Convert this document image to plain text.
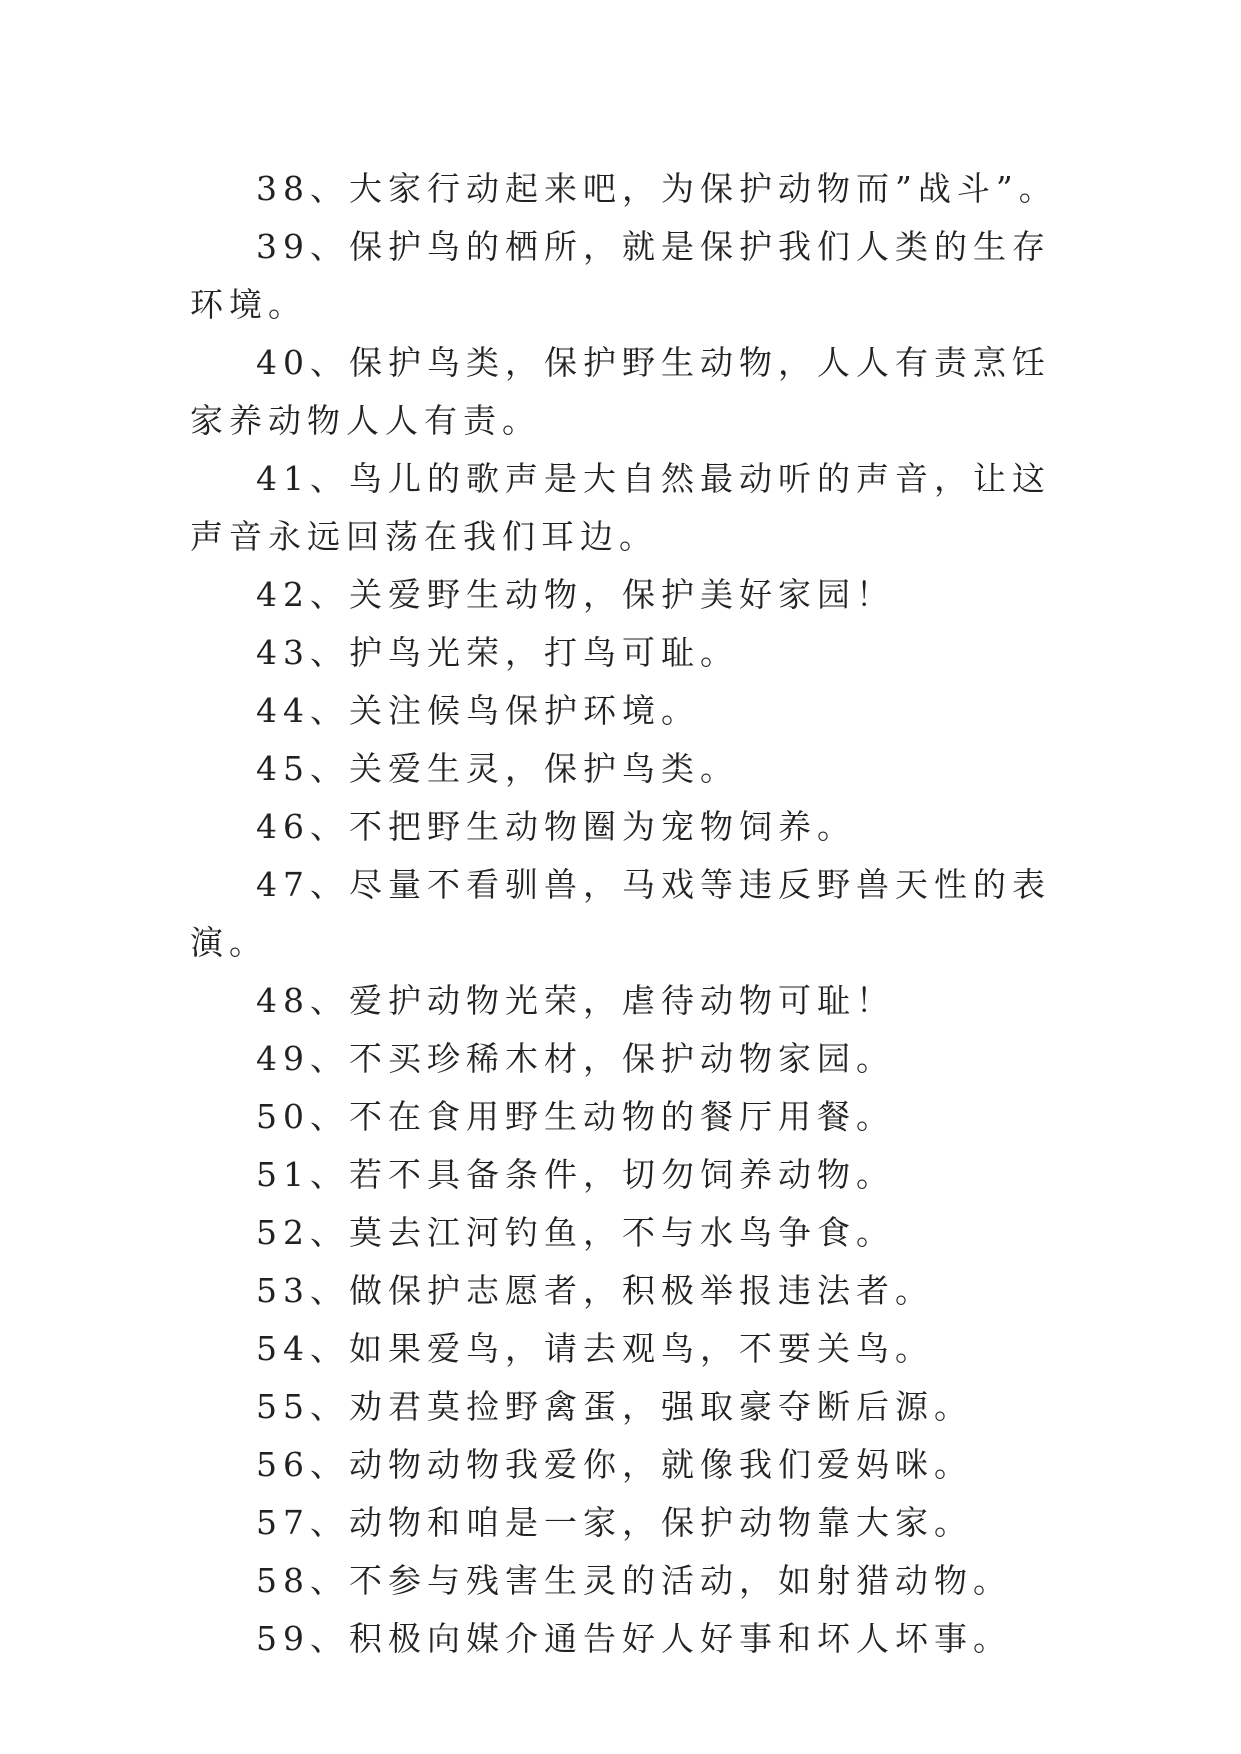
38、大家行动起来吧，为保护动物而”战斗”。

39、保护鸟的栖所，就是保护我们人类的生存环境。

40、保护鸟类，保护野生动物，人人有责烹饪家养动物人人有责。

41、鸟儿的歌声是大自然最动听的声音，让这声音永远回荡在我们耳边。

42、关爱野生动物，保护美好家园！

43、护鸟光荣，打鸟可耻。

44、关注候鸟保护环境。

45、关爱生灵，保护鸟类。

46、不把野生动物圈为宠物饲养。

47、尽量不看驯兽，马戏等违反野兽天性的表演。

48、爱护动物光荣，虐待动物可耻！

49、不买珍稀木材，保护动物家园。

50、不在食用野生动物的餐厅用餐。

51、若不具备条件，切勿饲养动物。

52、莫去江河钓鱼，不与水鸟争食。

53、做保护志愿者，积极举报违法者。

54、如果爱鸟，请去观鸟，不要关鸟。

55、劝君莫捡野禽蛋，强取豪夺断后源。

56、动物动物我爱你，就像我们爱妈咪。

57、动物和咱是一家，保护动物靠大家。

58、不参与残害生灵的活动，如射猎动物。

59、积极向媒介通告好人好事和坏人坏事。
